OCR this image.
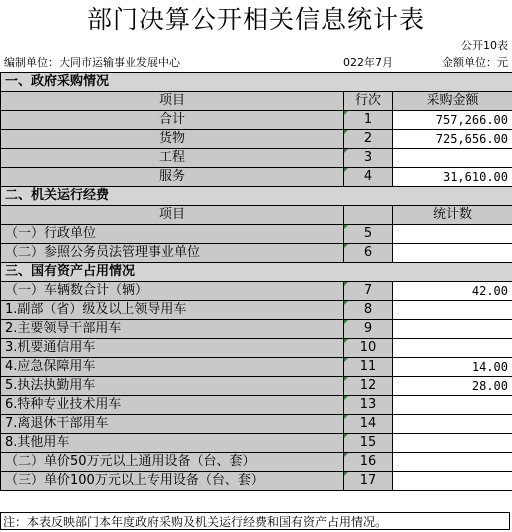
部门决算公开相关信息统计表
公开10表
编制单位：大同市运输事业发展中心	022年7月	金额单位：元
一、政府采购情况		
项目	行次	采购金额
合计	1	757,266.00
货物	2	725,656.00
工程	3	
服务	4	31,610.00
二、机关运行经费		
项目		统计数
（一）行政单位	5	
（二）参照公务员法管理事业单位	6	
三、国有资产占用情况		
（一）车辆数合计（辆）	7	42.00
1.副部（省）级及以上领导用车	8	
2.主要领导干部用车	9	
3.机要通信用车	10	
4.应急保障用车	11	14.00
5.执法执勤用车	12	28.00
6.特种专业技术用车	13	
7.离退休干部用车	14	
8.其他用车	15	
（二）单价50万元以上通用设备（台、套）	16	
（三）单价100万元以上专用设备（台、套）	17	
注：本表反映部门本年度政府采购及机关运行经费和国有资产占用情况。
